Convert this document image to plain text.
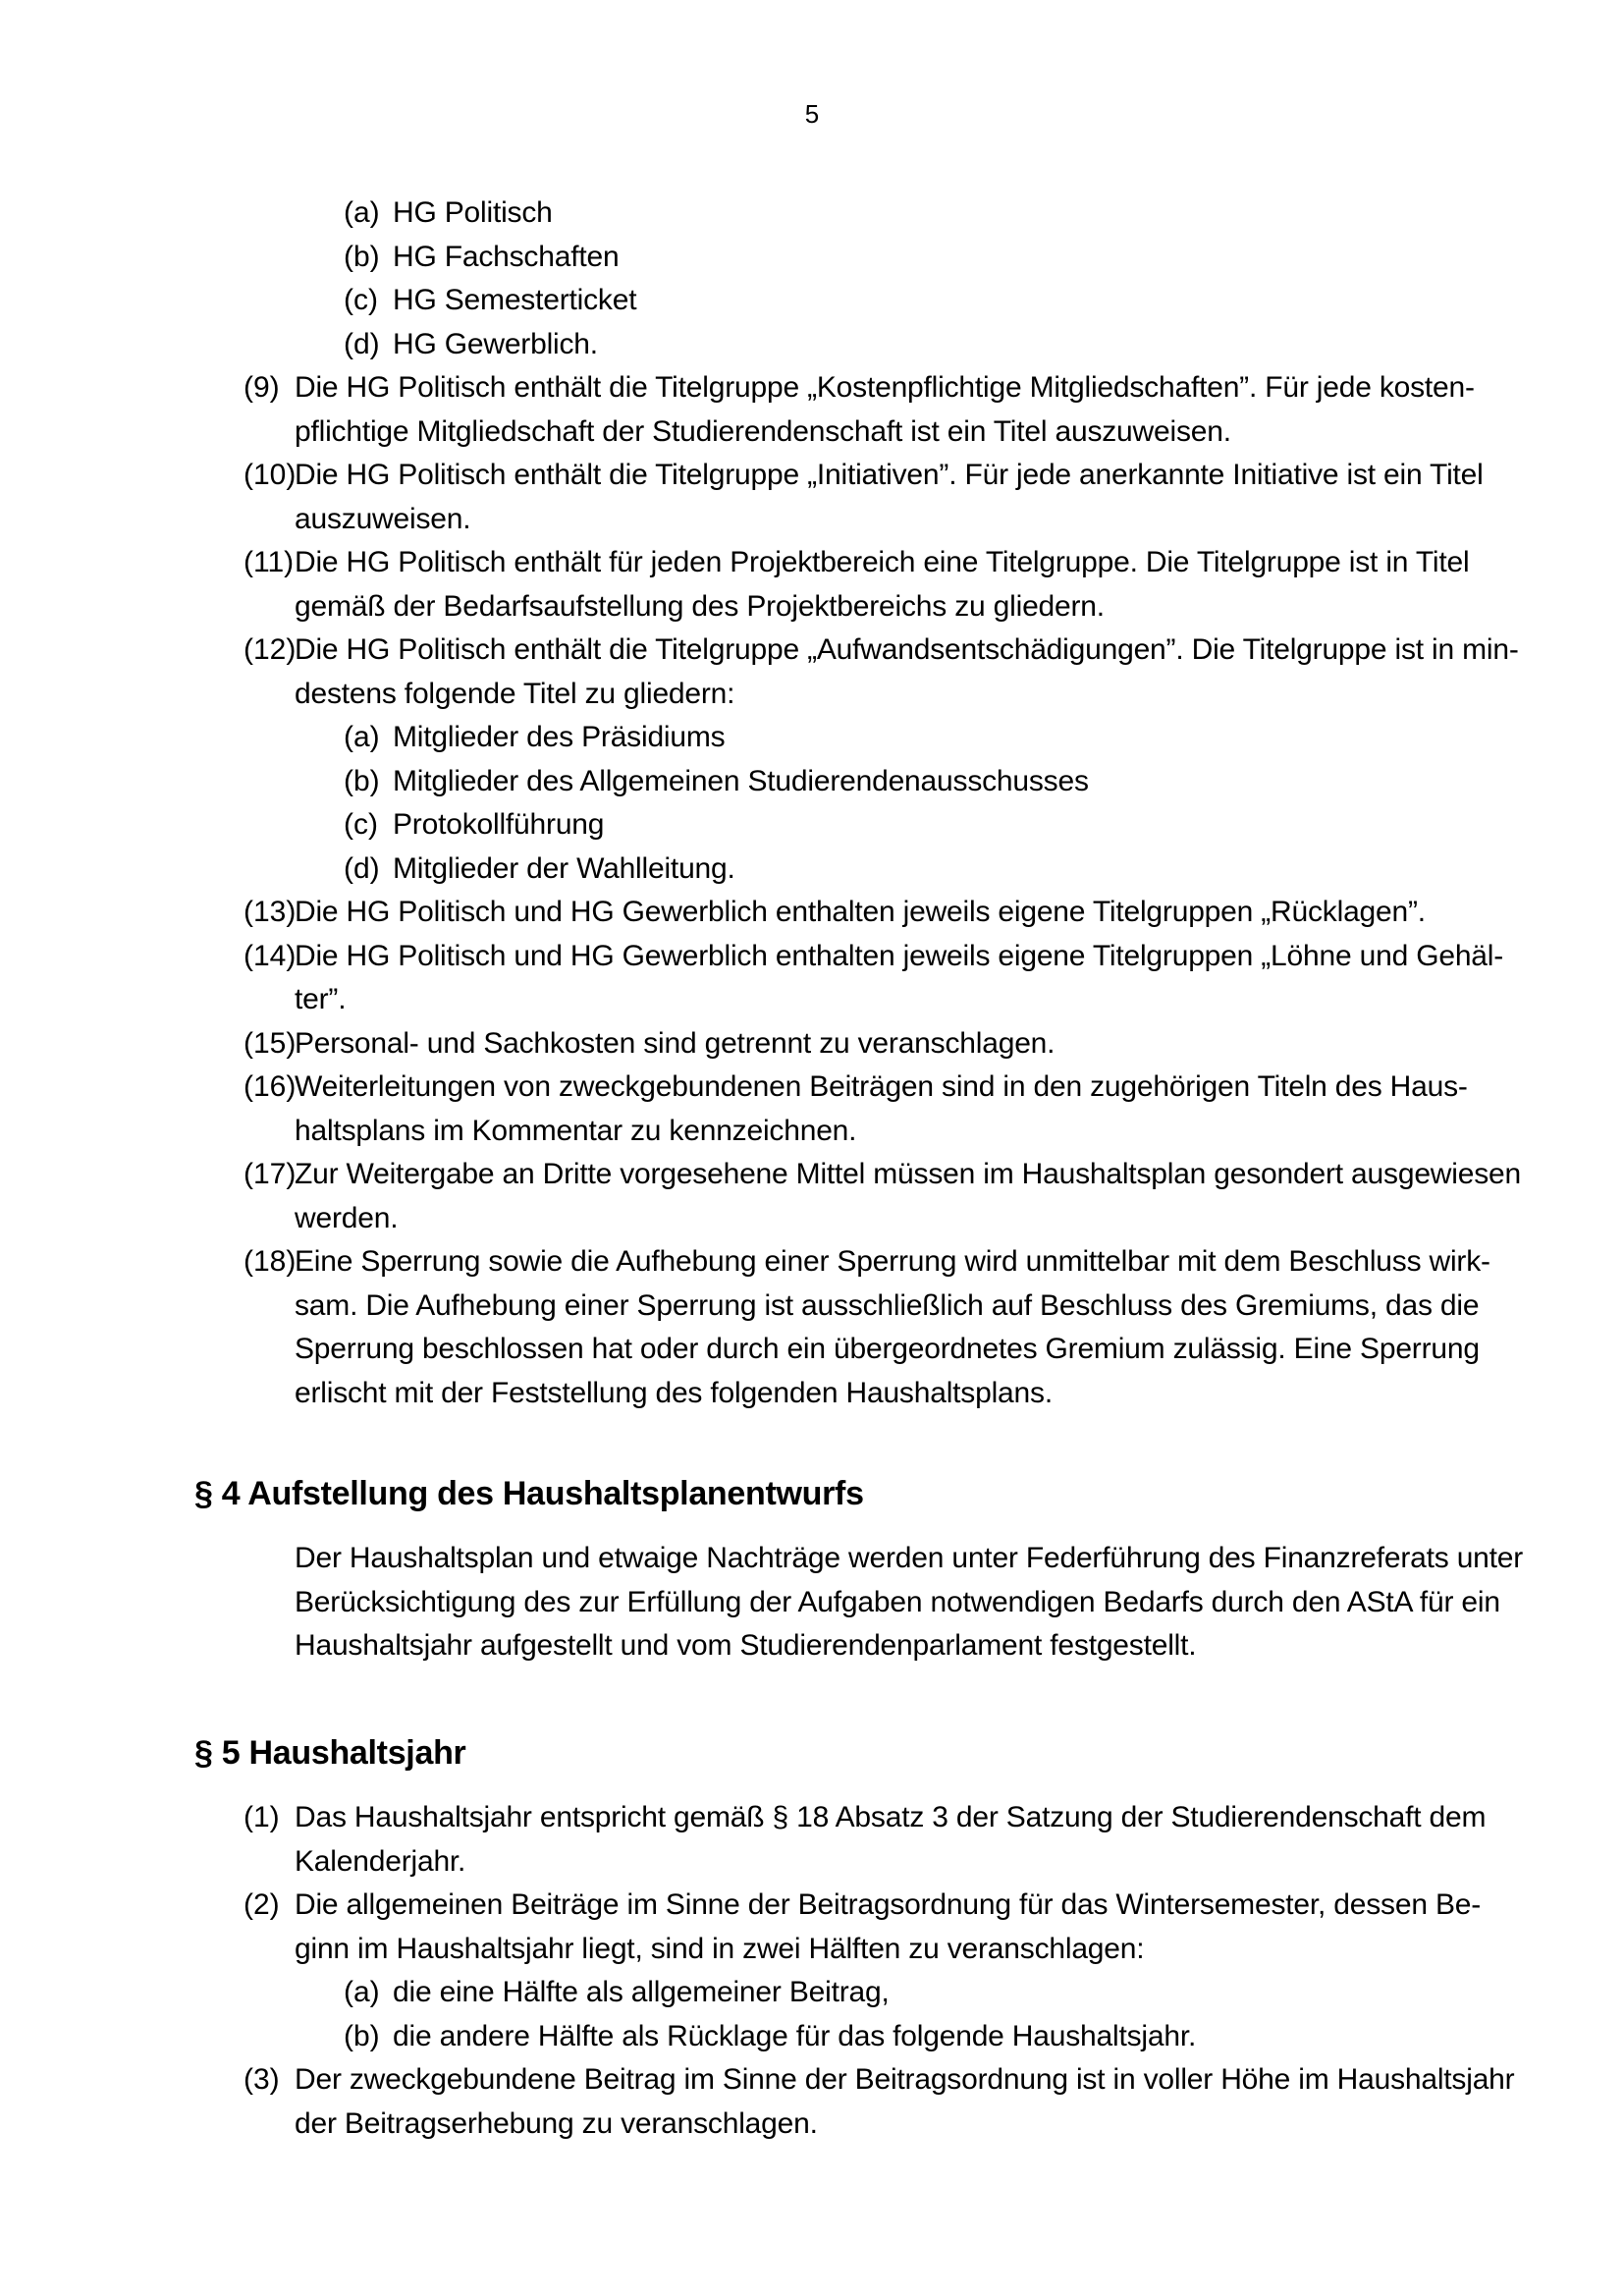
5
(a) HG Politisch
(b) HG Fachschaften
(c) HG Semesterticket
(d) HG Gewerblich.
(9) Die HG Politisch enthält die Titelgruppe „Kostenpflichtige Mitgliedschaften”. Für jede kosten-
pflichtige Mitgliedschaft der Studierendenschaft ist ein Titel auszuweisen.
(10)
Die HG Politisch enthält die Titelgruppe „Initiativen”. Für jede anerkannte Initiative ist ein Titel
auszuweisen.
(11) Die HG Politisch enthält für jeden Projektbereich eine Titelgruppe. Die Titelgruppe ist in Titel
gemäß der Bedarfsaufstellung des Projektbereichs zu gliedern.
(12)
Die HG Politisch enthält die Titelgruppe „Aufwandsentschädigungen”. Die Titelgruppe ist in min-
destens folgende Titel zu gliedern:
(a) Mitglieder des Präsidiums
(b) Mitglieder des Allgemeinen Studierendenausschusses
(c) Protokollführung
(d) Mitglieder der Wahlleitung.
(13)
Die HG Politisch und HG Gewerblich enthalten jeweils eigene Titelgruppen „Rücklagen”.
(14)
Die HG Politisch und HG Gewerblich enthalten jeweils eigene Titelgruppen „Löhne und Gehäl-
ter”.
(15)
Personal- und Sachkosten sind getrennt zu veranschlagen.
(16)
Weiterleitungen von zweckgebundenen Beiträgen sind in den zugehörigen Titeln des Haus-
haltsplans im Kommentar zu kennzeichnen.
(17)
Zur Weitergabe an Dritte vorgesehene Mittel müssen im Haushaltsplan gesondert ausgewiesen
werden.
(18)
Eine Sperrung sowie die Aufhebung einer Sperrung wird unmittelbar mit dem Beschluss wirk-
sam. Die Aufhebung einer Sperrung ist ausschließlich auf Beschluss des Gremiums, das die
Sperrung beschlossen hat oder durch ein übergeordnetes Gremium zulässig. Eine Sperrung
erlischt mit der Feststellung des folgenden Haushaltsplans.
§ 4 Aufstellung des Haushaltsplanentwurfs
Der Haushaltsplan und etwaige Nachträge werden unter Federführung des Finanzreferats unter
Berücksichtigung des zur Erfüllung der Aufgaben notwendigen Bedarfs durch den AStA für ein
Haushaltsjahr aufgestellt und vom Studierendenparlament festgestellt.
§ 5 Haushaltsjahr
(1) Das Haushaltsjahr entspricht gemäß § 18 Absatz 3 der Satzung der Studierendenschaft dem
Kalenderjahr.
(2) Die allgemeinen Beiträge im Sinne der Beitragsordnung für das Wintersemester, dessen Be-
ginn im Haushaltsjahr liegt, sind in zwei Hälften zu veranschlagen:
(a) die eine Hälfte als allgemeiner Beitrag,
(b) die andere Hälfte als Rücklage für das folgende Haushaltsjahr.
(3) Der zweckgebundene Beitrag im Sinne der Beitragsordnung ist in voller Höhe im Haushaltsjahr
der Beitragserhebung zu veranschlagen.
